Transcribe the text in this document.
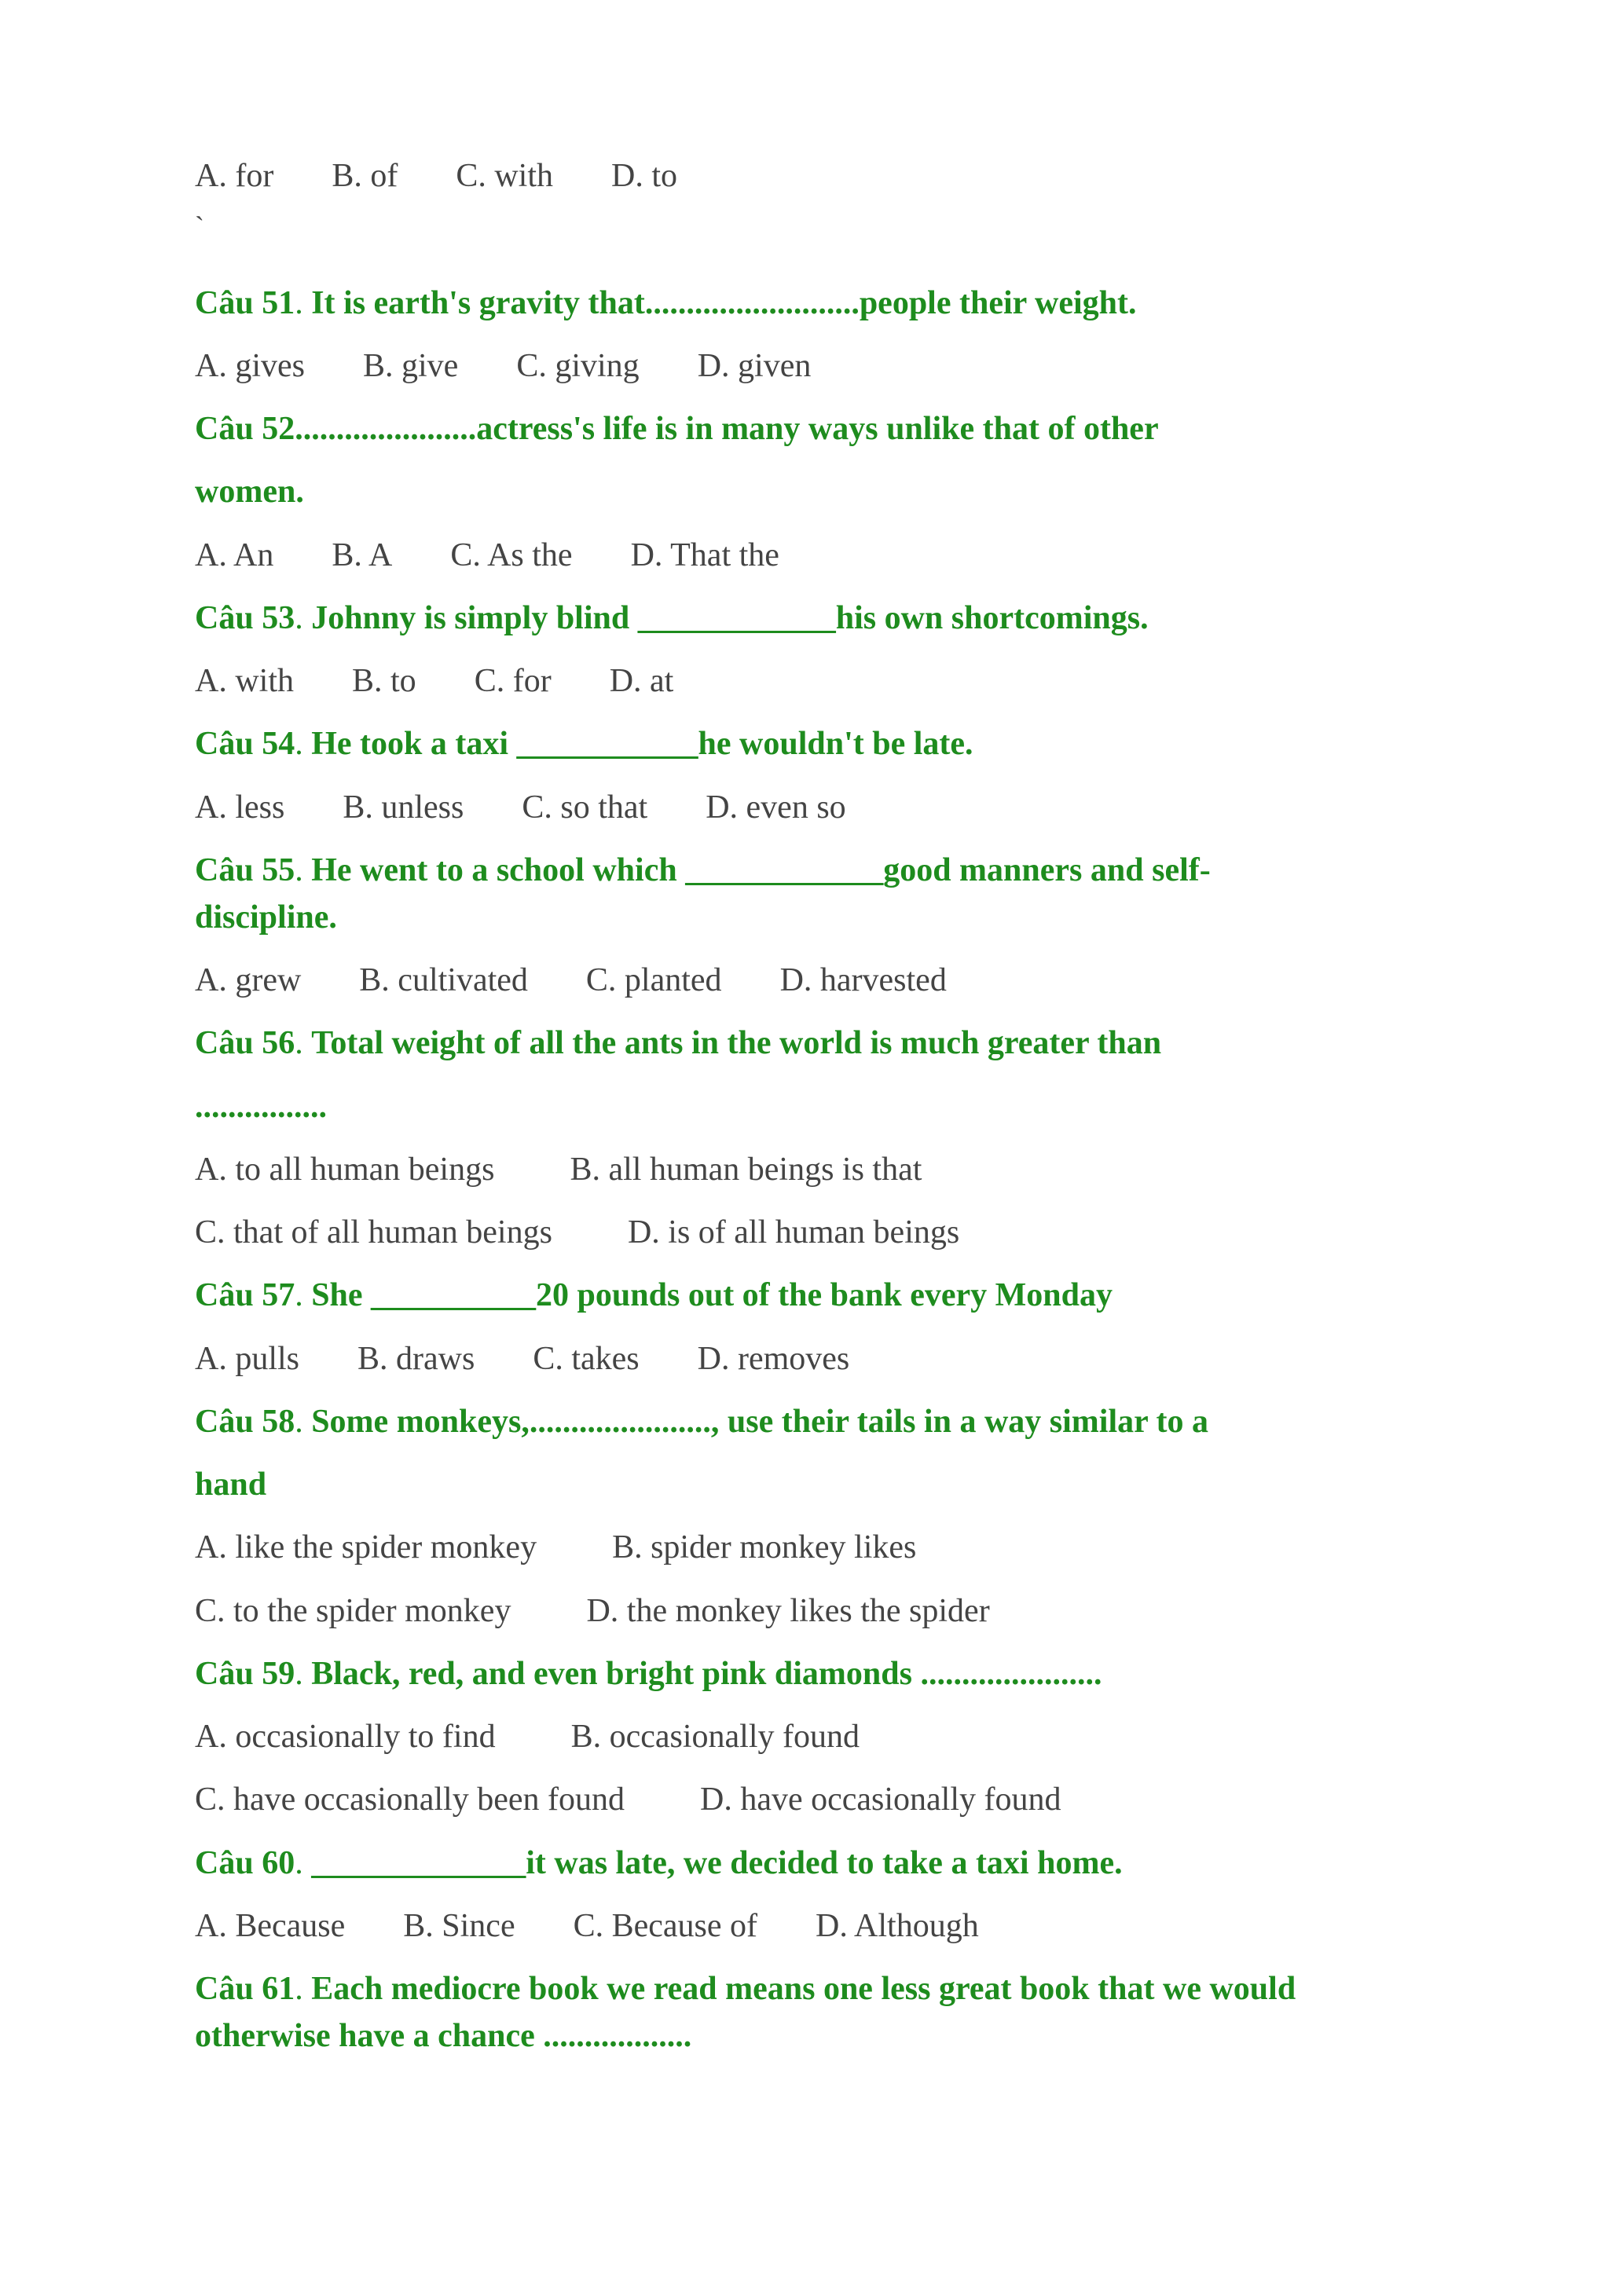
A. for B. of C. with D. to
`
Câu 51. It is earth's gravity that..........................people their weight.
A. gives B. give C. giving D. given
Câu 52......................actress's life is in many ways unlike that of other
women.
A. An B. A C. As the D. That the
Câu 53. Johnny is simply blind ____________his own shortcomings.
A. with B. to C. for D. at
Câu 54. He took a taxi ___________he wouldn't be late.
A. less B. unless C. so that D. even so
Câu 55. He went to a school which ____________good manners and self-
discipline.
A. grew B. cultivated C. planted D. harvested
Câu 56. Total weight of all the ants in the world is much greater than
................
A. to all human beings B. all human beings is that
C. that of all human beings D. is of all human beings
Câu 57. She __________20 pounds out of the bank every Monday
A. pulls B. draws C. takes D. removes
Câu 58. Some monkeys,......................, use their tails in a way similar to a
hand
A. like the spider monkey B. spider monkey likes
C. to the spider monkey D. the monkey likes the spider
Câu 59. Black, red, and even bright pink diamonds ......................
A. occasionally to find B. occasionally found
C. have occasionally been found D. have occasionally found
Câu 60. _____________it was late, we decided to take a taxi home.
A. Because B. Since C. Because of D. Although
Câu 61. Each mediocre book we read means one less great book that we would
otherwise have a chance ..................
